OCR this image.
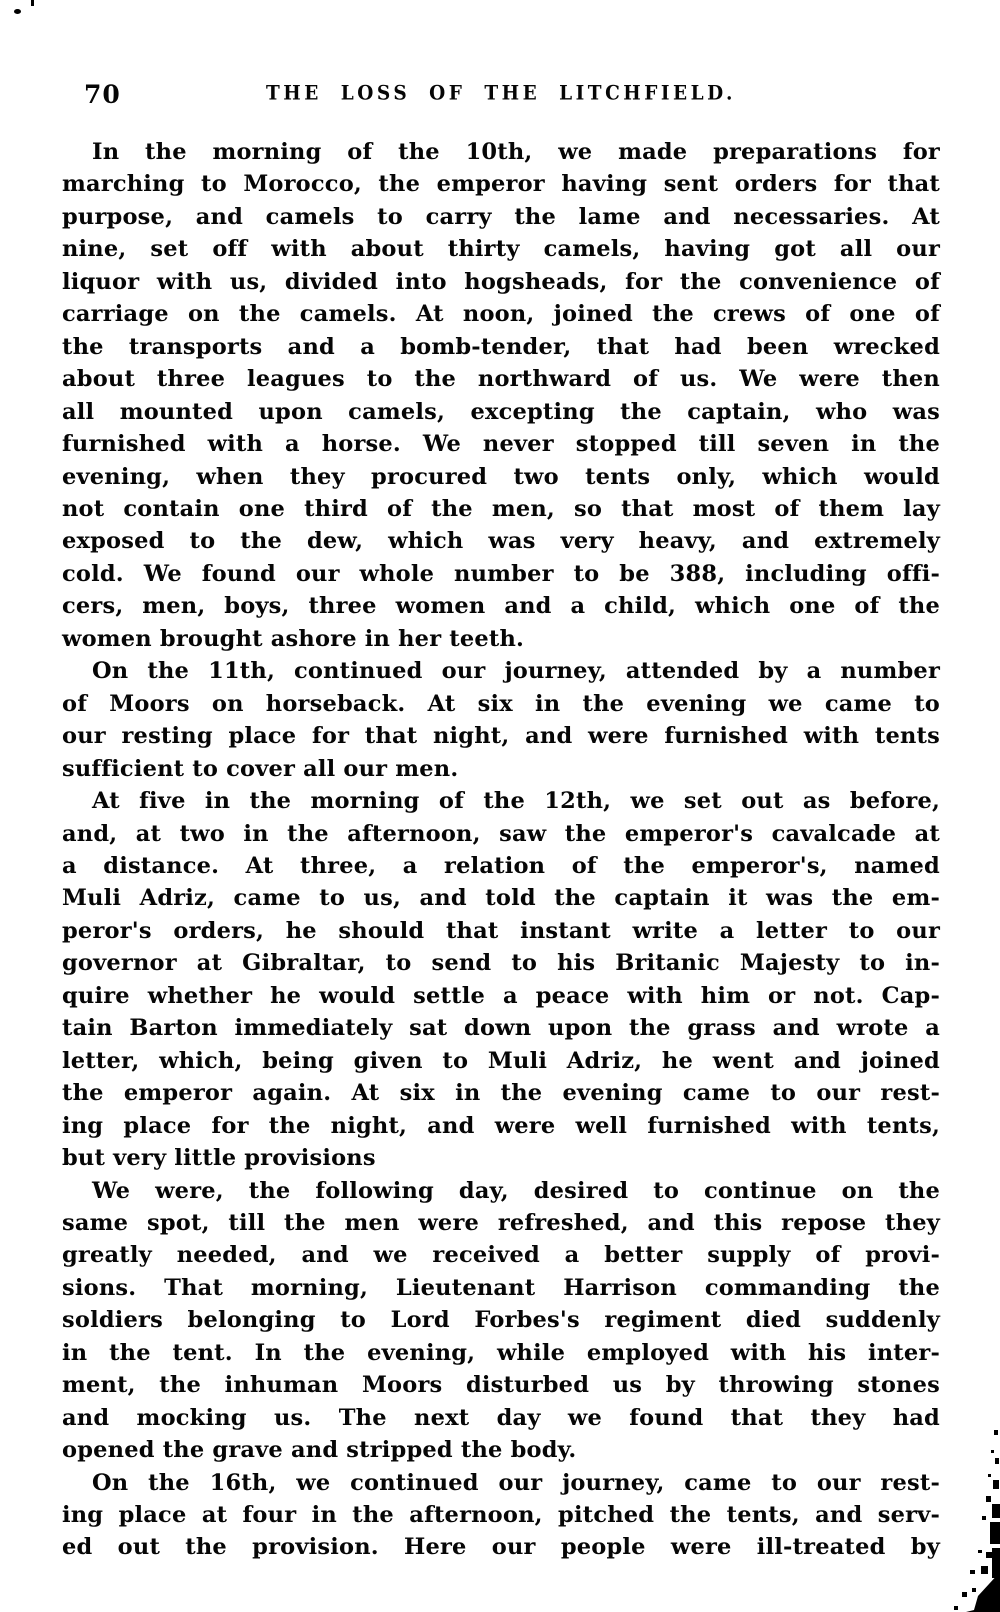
70	THE LOSS OF THE LITCHFIELD.
In the morning of the 10th, we made preparations for
marching to Morocco, the emperor having sent orders for that
purpose, and camels to carry the lame and necessaries. At
nine, set off with about thirty camels, having got all our
liquor with us, divided into hogsheads, for the convenience of
carriage on the camels. At noon, joined the crews of one of
the transports and a bomb-tender, that had been wrecked
about three leagues to the northward of us. We were then
all mounted upon camels, excepting the captain, who was
furnished with a horse. We never stopped till seven in the
evening, when they procured two tents only, which would
not contain one third of the men, so that most of them lay
exposed to the dew, which was very heavy, and extremely
cold. We found our whole number to be 388, including offi-
cers, men, boys, three women and a child, which one of the
women brought ashore in her teeth.
On the 11th, continued our journey, attended by a number
of Moors on horseback. At six in the evening we came to
our resting place for that night, and were furnished with tents
sufficient to cover all our men.
At five in the morning of the 12th, we set out as before,
and, at two in the afternoon, saw the emperor's cavalcade at
a distance. At three, a relation of the emperor's, named
Muli Adriz, came to us, and told the captain it was the em-
peror's orders, he should that instant write a letter to our
governor at Gibraltar, to send to his Britanic Majesty to in-
quire whether he would settle a peace with him or not. Cap-
tain Barton immediately sat down upon the grass and wrote a
letter, which, being given to Muli Adriz, he went and joined
the emperor again. At six in the evening came to our rest-
ing place for the night, and were well furnished with tents,
but very little provisions
We were, the following day, desired to continue on the
same spot, till the men were refreshed, and this repose they
greatly needed, and we received a better supply of provi-
sions. That morning, Lieutenant Harrison commanding the
soldiers belonging to Lord Forbes's regiment died suddenly
in the tent. In the evening, while employed with his inter-
ment, the inhuman Moors disturbed us by throwing stones
and mocking us. The next day we found that they had
opened the grave and stripped the body.
On the 16th, we continued our journey, came to our rest-
ing place at four in the afternoon, pitched the tents, and serv-
ed out the provision. Here our people were ill-treated by
